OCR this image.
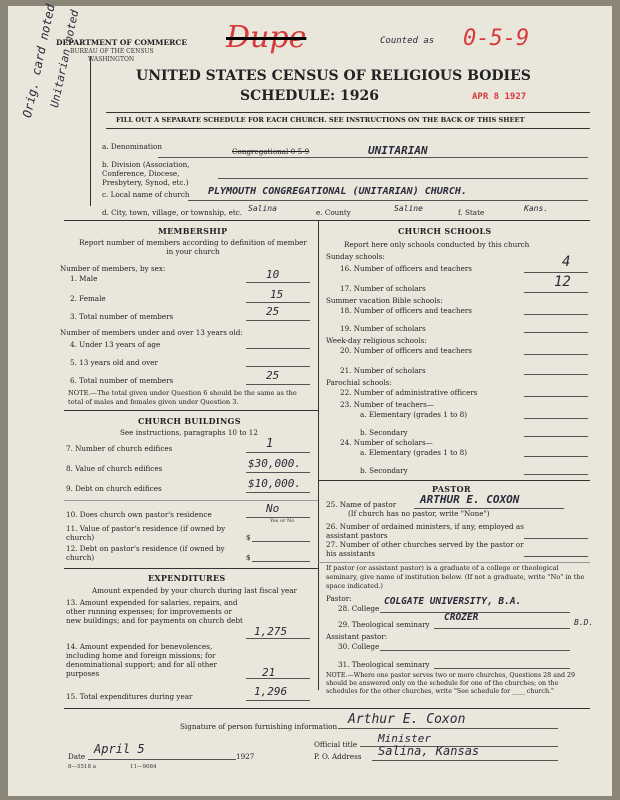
DEPARTMENT OF COMMERCE
BUREAU OF THE CENSUS
WASHINGTON
Dupe	Counted as 0-5-9
UNITED STATES CENSUS OF RELIGIOUS BODIES
SCHEDULE: 1926	APR 8 1927
FILL OUT A SEPARATE SCHEDULE FOR EACH CHURCH. SEE INSTRUCTIONS ON THE BACK OF THIS SHEET
Orig. card noted
Unitarian noted
a. Denomination
Congregational 0-5-9	UNITARIAN
b. Division (Association, Conference, Diocese, Presbytery, Synod, etc.)
c. Local name of church PLYMOUTH CONGREGATIONAL (UNITARIAN) CHURCH.
d. City, town, village, or township, etc. Salina	e. County	Saline	f. State	Kans.
MEMBERSHIP
Report number of members according to definition of member in your church
Number of members, by sex:
1. Male	10
2. Female	15
3. Total number of members	25
Number of members under and over 13 years old:
4. Under 13 years of age
5. 13 years old and over
6. Total number of members	25
NOTE.—The total given under Question 6 should be the same as the total of males and females given under Question 3.
CHURCH BUILDINGS
See instructions, paragraphs 10 to 12
7. Number of church edifices	1
8. Value of church edifices	$30,000.
9. Debt on church edifices	$10,000.
10. Does church own pastor's residence	No
Yes or No
11. Value of pastor's residence (if owned by church)	$
12. Debt on pastor's residence (if owned by church)	$
EXPENDITURES
Amount expended by your church during last fiscal year
13. Amount expended for salaries, repairs, and other running expenses; for improvements or new buildings; and for payments on church debt
1,275
14. Amount expended for benevolences, including home and foreign missions; for denominational support; and for all other purposes	21
15. Total expenditures during year	1,296
CHURCH SCHOOLS
Report here only schools conducted by this church
Sunday schools:
16. Number of officers and teachers	4
17. Number of scholars	12
Summer vacation Bible schools:
18. Number of officers and teachers
19. Number of scholars
Week-day religious schools:
20. Number of officers and teachers
21. Number of scholars
Parochial schools:
22. Number of administrative officers
23. Number of teachers—
a. Elementary (grades 1 to 8)
b. Secondary
24. Number of scholars—
a. Elementary (grades 1 to 8)
b. Secondary
PASTOR
25. Name of pastor ARTHUR E. COXON
(If church has no pastor, write "None")
26. Number of ordained ministers, if any, employed as assistant pastors
27. Number of other churches served by the pastor or his assistants
If pastor (or assistant pastor) is a graduate of a college or theological seminary, give name of institution below. (If not a graduate, write "No" in the space indicated.)
Pastor:
28. College
COLGATE UNIVERSITY, B.A.
29. Theological seminary
CROZER	B.D.
Assistant pastor:
30. College
31. Theological seminary
NOTE.—Where one pastor serves two or more churches, Questions 28 and 29 should be answered only on the schedule for one of the churches; on the schedules for the other churches, write "See schedule for ____ church."
Signature of person furnishing information Arthur E. Coxon
Official title Minister
Date
April 5
1927	P. O. Address Salina, Kansas
8—5518 a	11—9084
